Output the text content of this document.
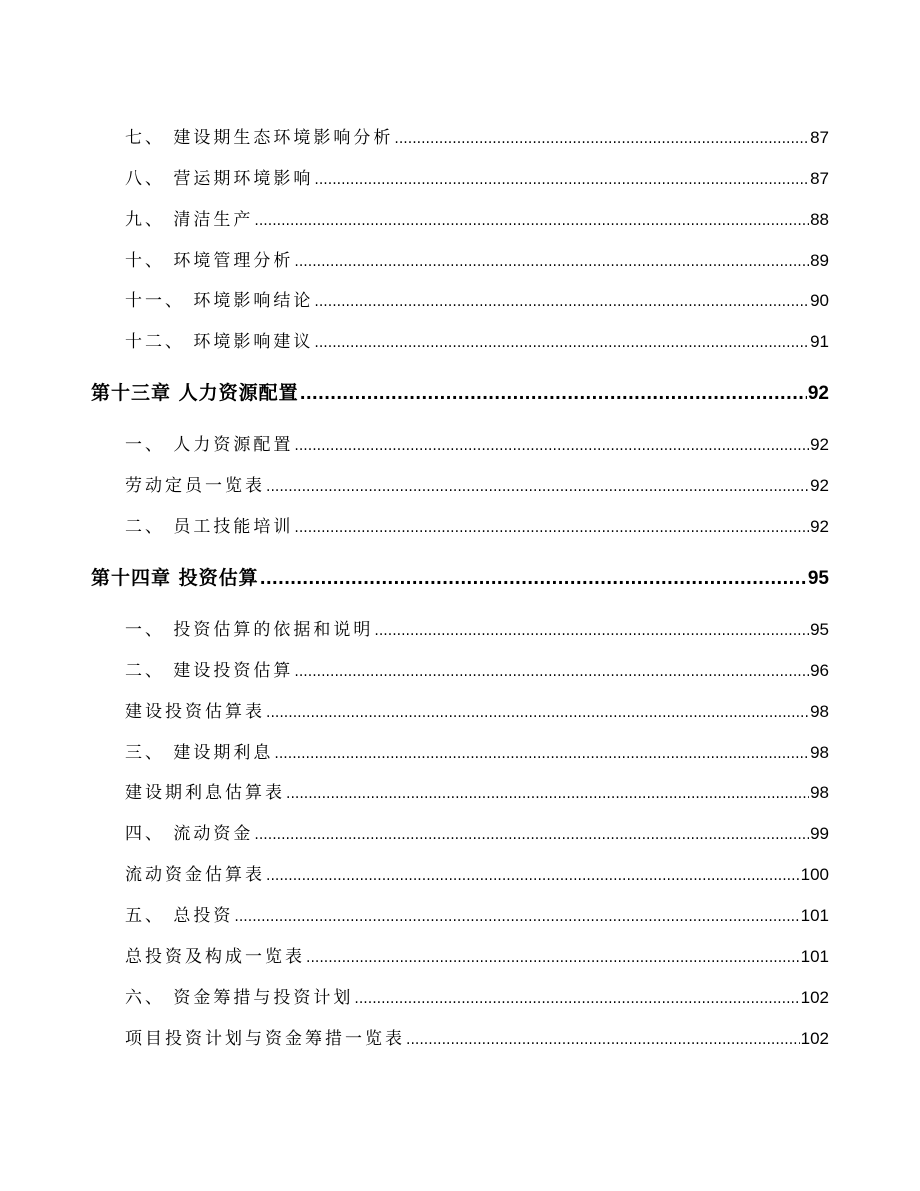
七、 建设期生态环境影响分析 .....	87
八、 营运期环境影响 .....	87
九、 清洁生产 .....	88
十、 环境管理分析 .....	89
十一、 环境影响结论 .....	90
十二、 环境影响建议 .....	91
第十三章 人力资源配置 .....	92
一、 人力资源配置 .....	92
劳动定员一览表 .....	92
二、 员工技能培训 .....	92
第十四章 投资估算 .....	95
一、 投资估算的依据和说明 .....	95
二、 建设投资估算 .....	96
建设投资估算表 .....	98
三、 建设期利息 .....	98
建设期利息估算表 .....	98
四、 流动资金 .....	99
流动资金估算表 .....	100
五、 总投资 .....	101
总投资及构成一览表 .....	101
六、 资金筹措与投资计划 .....	102
项目投资计划与资金筹措一览表 .....	102
